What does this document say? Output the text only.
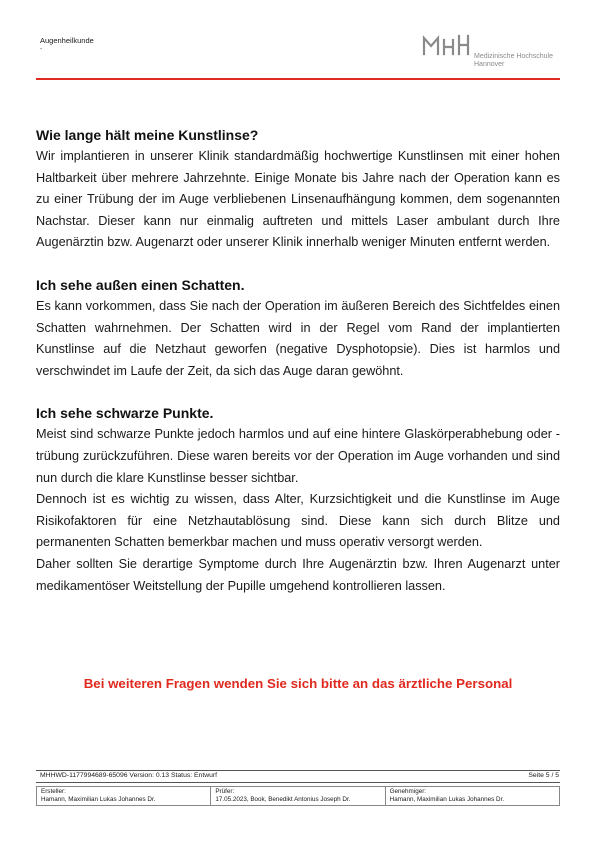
Augenheilkunde
-
Medizinische Hochschule
Hannover
Wie lange hält meine Kunstlinse?

Wir implantieren in unserer Klinik standardmäßig hochwertige Kunstlinsen mit einer hohen Haltbarkeit über mehrere Jahrzehnte. Einige Monate bis Jahre nach der Operation kann es zu einer Trübung der im Auge verbliebenen Linsenaufhängung kommen, dem sogenannten Nachstar. Dieser kann nur einmalig auftreten und mittels Laser ambulant durch Ihre Augenärztin bzw. Augenarzt oder unserer Klinik innerhalb weniger Minuten entfernt werden.

Ich sehe außen einen Schatten.

Es kann vorkommen, dass Sie nach der Operation im äußeren Bereich des Sichtfeldes einen Schatten wahrnehmen. Der Schatten wird in der Regel vom Rand der implantierten Kunstlinse auf die Netzhaut geworfen (negative Dysphotopsie). Dies ist harmlos und verschwindet im Laufe der Zeit, da sich das Auge daran gewöhnt.

Ich sehe schwarze Punkte.

Meist sind schwarze Punkte jedoch harmlos und auf eine hintere Glaskörperabhebung oder -trübung zurückzuführen. Diese waren bereits vor der Operation im Auge vorhanden und sind nun durch die klare Kunstlinse besser sichtbar.

Dennoch ist es wichtig zu wissen, dass Alter, Kurzsichtigkeit und die Kunstlinse im Auge Risikofaktoren für eine Netzhautablösung sind. Diese kann sich durch Blitze und permanenten Schatten bemerkbar machen und muss operativ versorgt werden.

Daher sollten Sie derartige Symptome durch Ihre Augenärztin bzw. Ihren Augenarzt unter medikamentöser Weitstellung der Pupille umgehend kontrollieren lassen.

Bei weiteren Fragen wenden Sie sich bitte an das ärztliche Personal
MHHWD-1177994689-65096 Version: 0.13 Status: Entwurf	Seite 5 / 5
Ersteller:
Hamann, Maximilian Lukas Johannes Dr.
Prüfer:
17.05.2023, Book, Benedikt Antonius Joseph Dr.
Genehmiger:
Hamann, Maximilian Lukas Johannes Dr.
